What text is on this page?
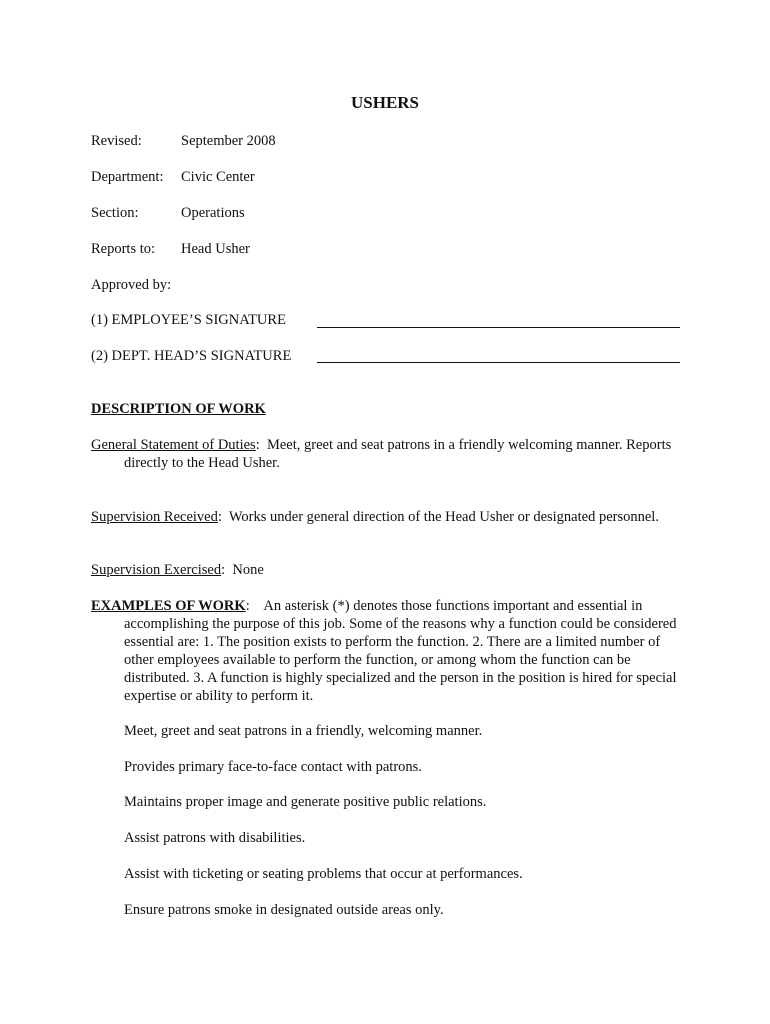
USHERS
Revised:	September 2008
Department: Civic Center
Section:	Operations
Reports to: Head Usher
Approved by:
(1) EMPLOYEE’S SIGNATURE
(2) DEPT. HEAD’S SIGNATURE
DESCRIPTION OF WORK

General Statement of Duties:  Meet, greet and seat patrons in a friendly welcoming manner. Reports directly to the Head Usher.

Supervision Received:  Works under general direction of the Head Usher or designated personnel.

Supervision Exercised:  None

EXAMPLES OF WORK:    An asterisk (*) denotes those functions important and essential in accomplishing the purpose of this job. Some of the reasons why a function could be considered essential are: 1. The position exists to perform the function. 2. There are a limited number of other employees available to perform the function, or among whom the function can be distributed. 3. A function is highly specialized and the person in the position is hired for special expertise or ability to perform it.

Meet, greet and seat patrons in a friendly, welcoming manner.
Provides primary face-to-face contact with patrons.
Maintains proper image and generate positive public relations.
Assist patrons with disabilities.
Assist with ticketing or seating problems that occur at performances.
Ensure patrons smoke in designated outside areas only.
